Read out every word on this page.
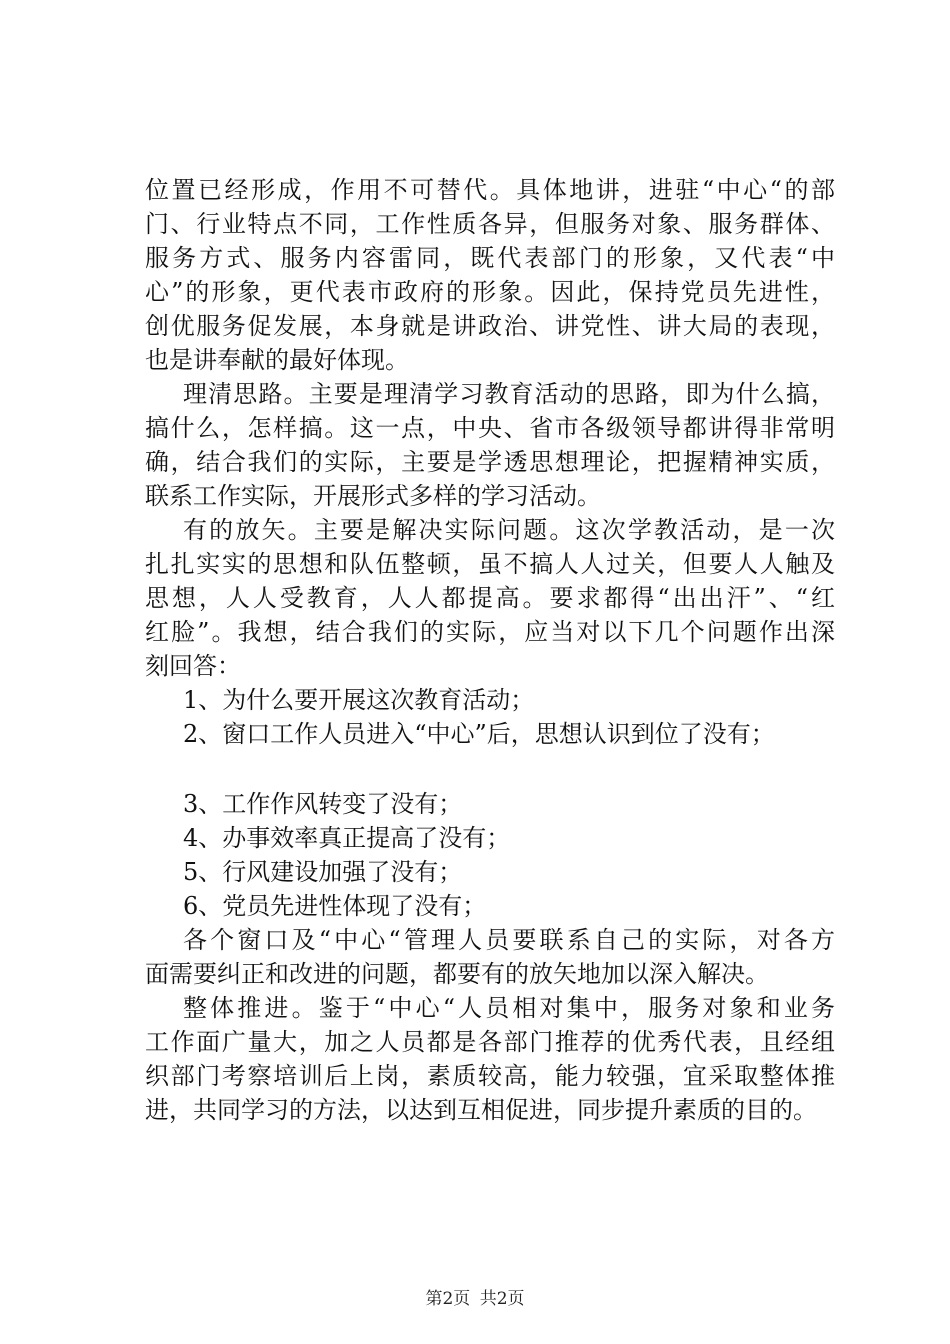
位置已经形成，作用不可替代。具体地讲，进驻“中心“的部
门、行业特点不同，工作性质各异，但服务对象、服务群体、
服务方式、服务内容雷同，既代表部门的形象，又代表“中
心”的形象，更代表市政府的形象。因此，保持党员先进性，
创优服务促发展，本身就是讲政治、讲党性、讲大局的表现，
也是讲奉献的最好体现。
理清思路。主要是理清学习教育活动的思路，即为什么搞，
搞什么，怎样搞。这一点，中央、省市各级领导都讲得非常明
确，结合我们的实际，主要是学透思想理论，把握精神实质，
联系工作实际，开展形式多样的学习活动。
有的放矢。主要是解决实际问题。这次学教活动，是一次
扎扎实实的思想和队伍整顿，虽不搞人人过关，但要人人触及
思想，人人受教育，人人都提高。要求都得“出出汗”、“红
红脸”。我想，结合我们的实际，应当对以下几个问题作出深
刻回答：
1、为什么要开展这次教育活动；
2、窗口工作人员进入“中心”后，思想认识到位了没有；
3、工作作风转变了没有；
4、办事效率真正提高了没有；
5、行风建设加强了没有；
6、党员先进性体现了没有；
各个窗口及“中心“管理人员要联系自己的实际，对各方
面需要纠正和改进的问题，都要有的放矢地加以深入解决。
整体推进。鉴于“中心“人员相对集中，服务对象和业务
工作面广量大，加之人员都是各部门推荐的优秀代表，且经组
织部门考察培训后上岗，素质较高，能力较强，宜采取整体推
进，共同学习的方法，以达到互相促进，同步提升素质的目的。
第2页 共2页
